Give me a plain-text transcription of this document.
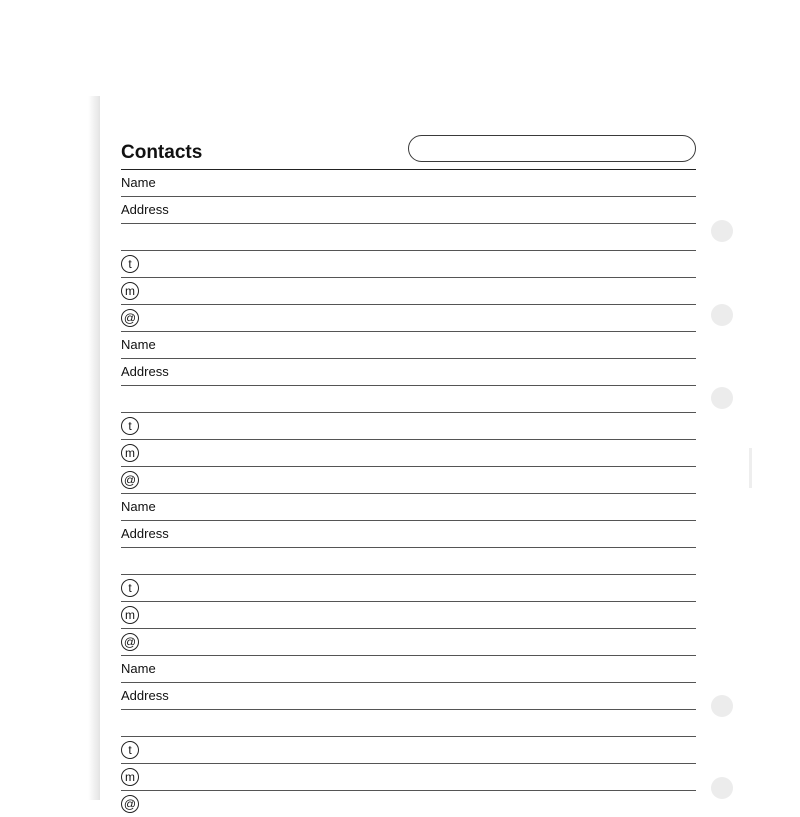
Contacts
Name
Address
t
m
@
Name
Address
t
m
@
Name
Address
t
m
@
Name
Address
t
m
@
